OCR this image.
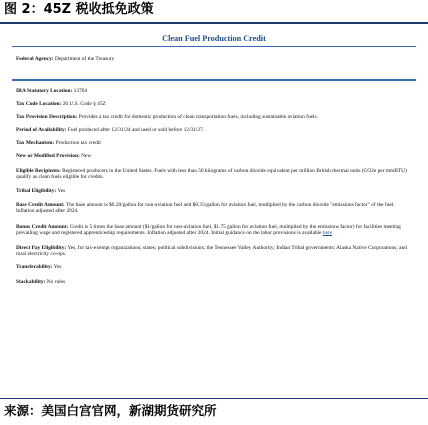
图 2：45Z 税收抵免政策
Clean Fuel Production Credit
Federal Agency: Department of the Treasury
IRA Statutory Location: 13704
Tax Code Location: 26 U.S. Code § 45Z
Tax Provision Description: Provides a tax credit for domestic production of clean transportation fuels, including sustainable aviation fuels.
Period of Availability: Fuel produced after 12/31/24 and used or sold before 12/31/27.
Tax Mechanism: Production tax credit
New or Modified Provision: New
Eligible Recipients: Registered producers in the United States. Fuels with less than 50 kilograms of carbon dioxide equivalent per million British thermal units (CO2e per mmBTU) qualify as clean fuels eligible for credits.
Tribal Eligibility: Yes
Base Credit Amount: The base amount is $0.20/gallon for non-aviation fuel and $0.35/gallon for aviation fuel, multiplied by the carbon dioxide "emissions factor" of the fuel. Inflation adjusted after 2024.
Bonus Credit Amount: Credit is 5 times the base amount ($1/gallon for non-aviation fuel, $1.75 gallon for aviation fuel, multiplied by the emissions factor) for facilities meeting prevailing wage and registered apprenticeship requirements. Inflation adjusted after 2024. Initial guidance on the labor provisions is available here
Direct Pay Eligibility: Yes, for tax-exempt organizations; states; political subdivisions; the Tennessee Valley Authority; Indian Tribal governments; Alaska Native Corporations; and rural electricity co-ops.
Transferability: Yes
Stackability: No rules
来源：美国白宫官网，新湖期货研究所
